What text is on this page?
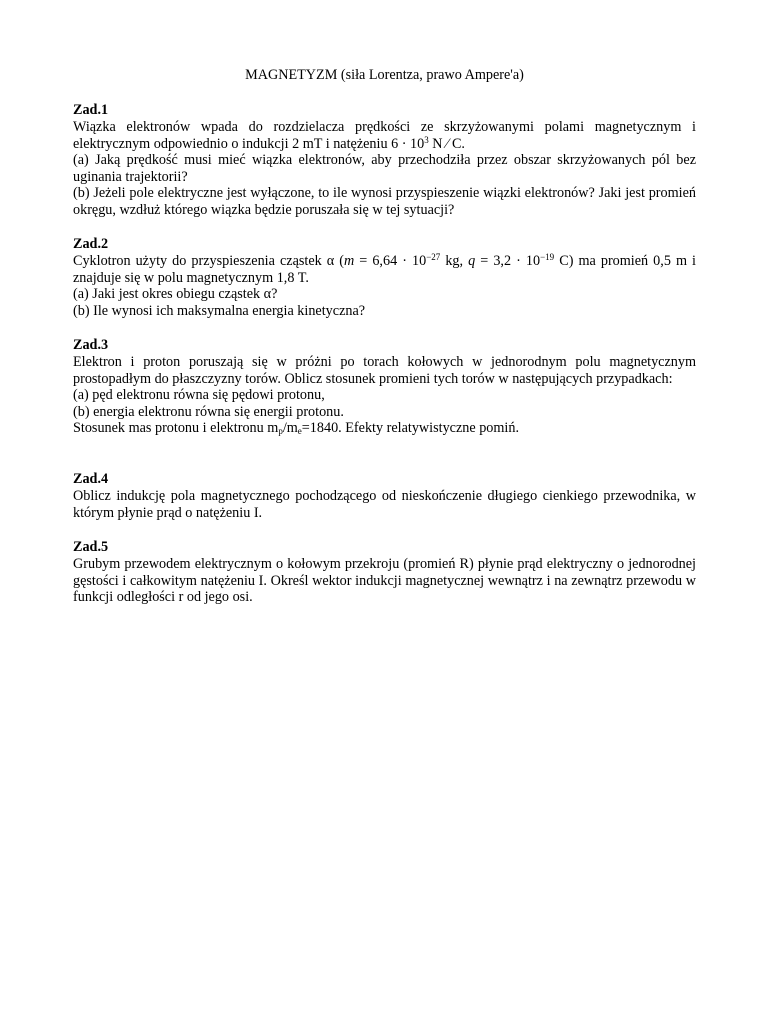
MAGNETYZM (siła Lorentza, prawo Ampere'a)
Zad.1

Wiązka elektronów wpada do rozdzielacza prędkości ze skrzyżowanymi polami magnetycznym i elektrycznym odpowiednio o indukcji 2 mT i natężeniu $6 \cdot 10^3$ N ⁄ C.

(a) Jaką prędkość musi mieć wiązka elektronów, aby przechodziła przez obszar skrzyżowanych pól bez uginania trajektorii?

(b) Jeżeli pole elektryczne jest wyłączone, to ile wynosi przyspieszenie wiązki elektronów? Jaki jest promień okręgu, wzdłuż którego wiązka będzie poruszała się w tej sytuacji?

Zad.2

Cyklotron użyty do przyspieszenia cząstek α ($m = 6,64 \cdot 10^{-27}$ kg, $q = 3,2 \cdot 10^{-19}$ C) ma promień 0,5 m i znajduje się w polu magnetycznym 1,8 T.

(a) Jaki jest okres obiegu cząstek α?

(b) Ile wynosi ich maksymalna energia kinetyczna?

Zad.3

Elektron i proton poruszają się w próżni po torach kołowych w jednorodnym polu magnetycznym prostopadłym do płaszczyzny torów. Oblicz stosunek promieni tych torów w następujących przypadkach:

(a) pęd elektronu równa się pędowi protonu,

(b) energia elektronu równa się energii protonu.

Stosunek mas protonu i elektronu $m_p/m_e=1840$. Efekty relatywistyczne pomiń.

Zad.4

Oblicz indukcję pola magnetycznego pochodzącego od nieskończenie długiego cienkiego przewodnika, w którym płynie prąd o natężeniu I.

Zad.5

Grubym przewodem elektrycznym o kołowym przekroju (promień R) płynie prąd elektryczny o jednorodnej gęstości i całkowitym natężeniu I. Określ wektor indukcji magnetycznej wewnątrz i na zewnątrz przewodu w funkcji odległości r od jego osi.
